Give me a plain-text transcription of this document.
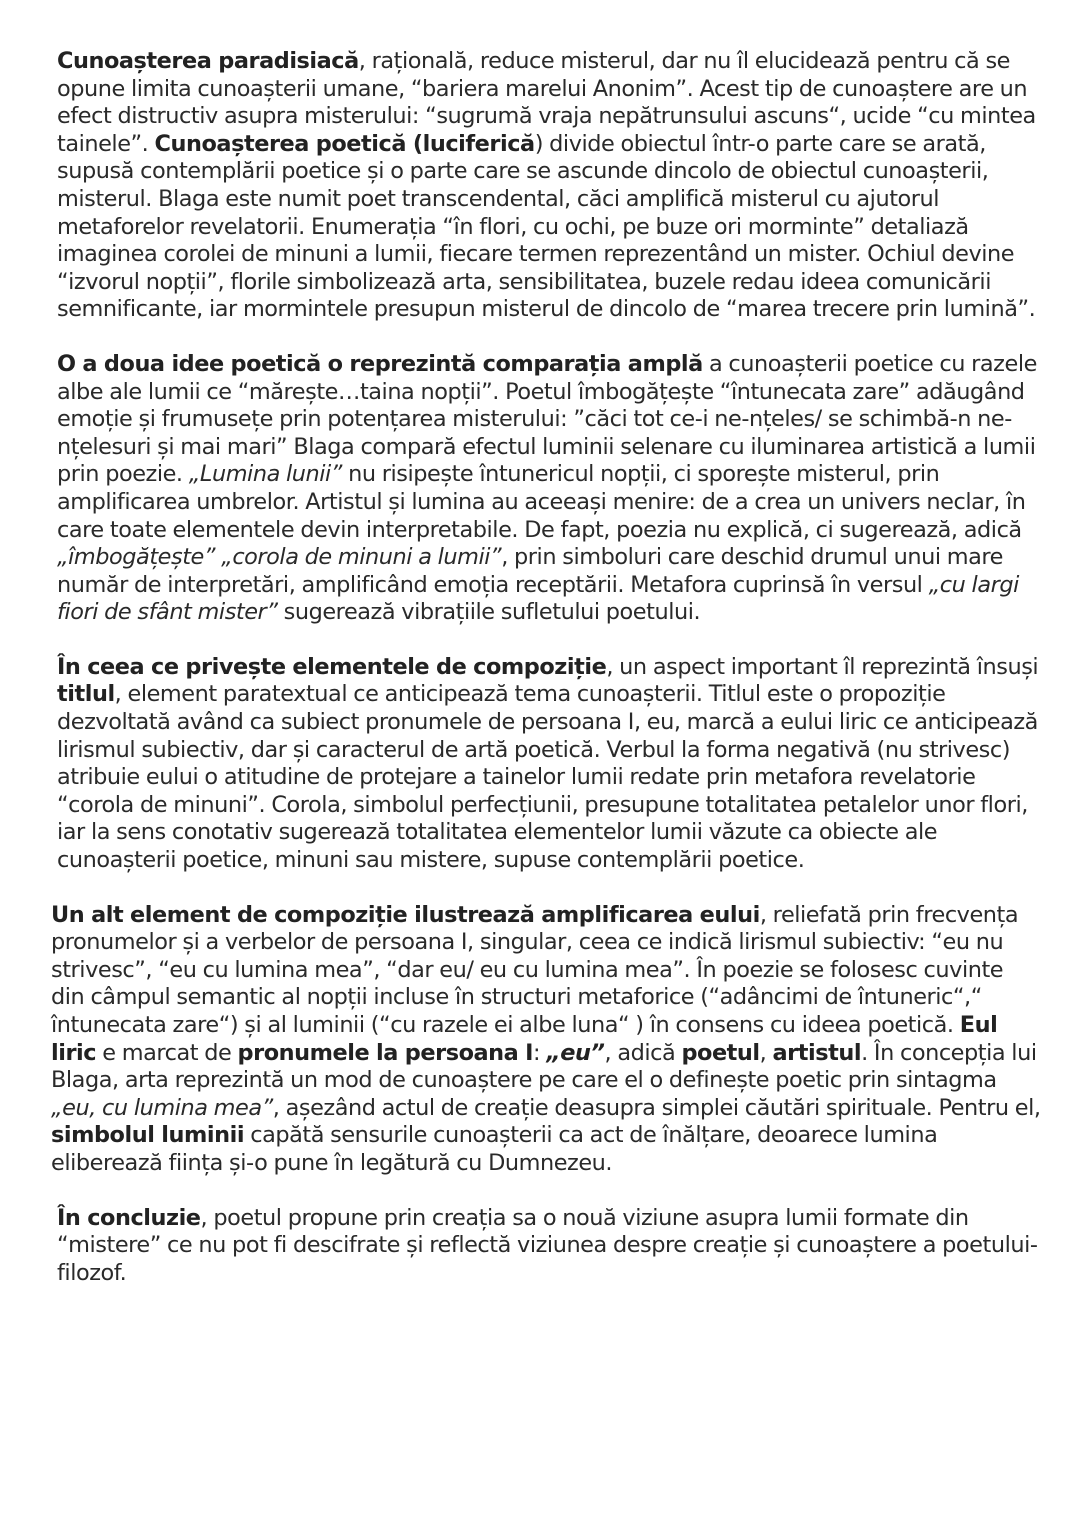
Cunoașterea paradisiacă, rațională, reduce misterul, dar nu îl elucidează pentru că se opune limita cunoașterii umane, “bariera marelui Anonim”. Acest tip de cunoaștere are un efect distructiv asupra misterului: “sugrumă vraja nepătrunsului ascuns“, ucide “cu mintea tainele”. Cunoașterea poetică (luciferică) divide obiectul într-o parte care se arată, supusă contemplării poetice și o parte care se ascunde dincolo de obiectul cunoașterii, misterul. Blaga este numit poet transcendental, căci amplifică misterul cu ajutorul metaforelor revelatorii. Enumerația “în flori, cu ochi, pe buze ori morminte” detaliază imaginea corolei de minuni a lumii, fiecare termen reprezentând un mister. Ochiul devine “izvorul nopții”, florile simbolizează arta, sensibilitatea, buzele redau ideea comunicării semnificante, iar mormintele presupun misterul de dincolo de “marea trecere prin lumină”.

O a doua idee poetică o reprezintă comparația amplă a cunoașterii poetice cu razele albe ale lumii ce “mărește…taina nopții”. Poetul îmbogățește “întunecata zare” adăugând emoție și frumusețe prin potențarea misterului: ”căci tot ce-i ne-nțeles/ se schimbă-n ne-nțelesuri și mai mari” Blaga compară efectul luminii selenare cu iluminarea artistică a lumii prin poezie. „Lumina lunii” nu risipește întunericul nopții, ci sporește misterul, prin amplificarea umbrelor. Artistul și lumina au aceeași menire: de a crea un univers neclar, în care toate elementele devin interpretabile. De fapt, poezia nu explică, ci sugerează, adică „îmbogățește” „corola de minuni a lumii”, prin simboluri care deschid drumul unui mare număr de interpretări, amplificând emoția receptării. Metafora cuprinsă în versul „cu largi fiori de sfânt mister” sugerează vibrațiile sufletului poetului.

În ceea ce privește elementele de compoziție, un aspect important îl reprezintă însuși titlul, element paratextual ce anticipează tema cunoașterii. Titlul este o propoziție dezvoltată având ca subiect pronumele de persoana I, eu, marcă a eului liric ce anticipează lirismul subiectiv, dar și caracterul de artă poetică. Verbul la forma negativă (nu strivesc) atribuie eului o atitudine de protejare a tainelor lumii redate prin metafora revelatorie “corola de minuni”. Corola, simbolul perfecțiunii, presupune totalitatea petalelor unor flori, iar la sens conotativ sugerează totalitatea elementelor lumii văzute ca obiecte ale cunoașterii poetice, minuni sau mistere, supuse contemplării poetice.

Un alt element de compoziție ilustrează amplificarea eului, reliefată prin frecvența pronumelor și a verbelor de persoana I, singular, ceea ce indică lirismul subiectiv: “eu nu strivesc”, “eu cu lumina mea”, “dar eu/ eu cu lumina mea”. În poezie se folosesc cuvinte din câmpul semantic al nopții incluse în structuri metaforice (“adâncimi de întuneric“,“ întunecata zare“) și al luminii (“cu razele ei albe luna“ ) în consens cu ideea poetică. Eul liric e marcat de pronumele la persoana I: „eu”, adică poetul, artistul. În concepția lui Blaga, arta reprezintă un mod de cunoaștere pe care el o definește poetic prin sintagma „eu, cu lumina mea”, așezând actul de creație deasupra simplei căutări spirituale. Pentru el, simbolul luminii capătă sensurile cunoașterii ca act de înălțare, deoarece lumina eliberează ființa și-o pune în legătură cu Dumnezeu.

În concluzie, poetul propune prin creația sa o nouă viziune asupra lumii formate din “mistere” ce nu pot fi descifrate și reflectă viziunea despre creație și cunoaștere a poetului-filozof.
